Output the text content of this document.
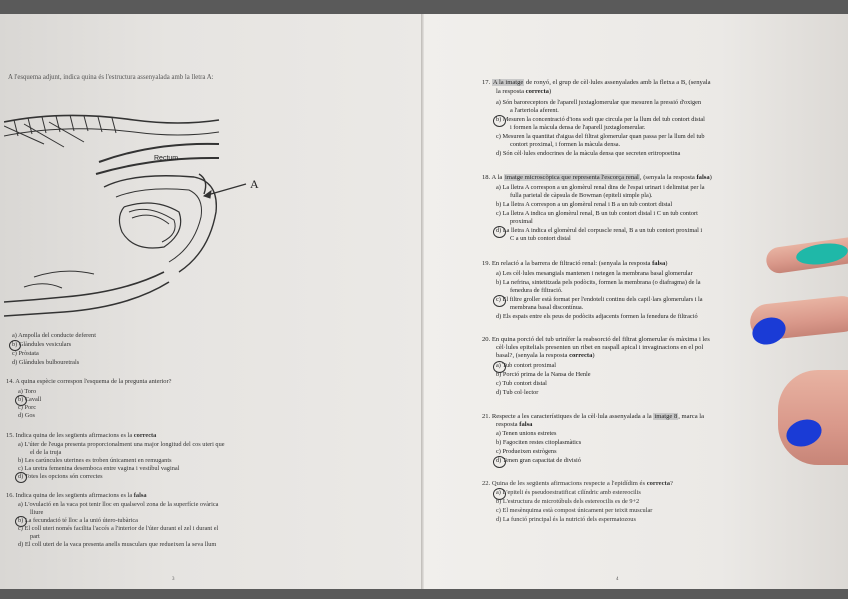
A l'esquema adjunt, indica quina és l'estructura assenyalada amb la lletra A:
Rectum
A
a) Ampolla del conducte deferent
b) Glàndules vesiculars
c) Pròstata
d) Glàndules bulbouretrals
14. A quina espècie correspon l'esquema de la pregunta anterior?
a) Toro
b) Cavall
c) Porc
d) Gos
15. Indica quina de les següents afirmacions es la correcta
a) L'úter de l'euga presenta proporcionalment una major longitud del cos uteri que
el de la truja
b) Les carúncules uterines es troben únicament en remugants
c) La uretra femenina desemboca entre vagina i vestíbul vaginal
d) Totes les opcions són correctes
16. Indica quina de les següents afirmacions es la falsa
a) L'ovulació en la vaca pot tenir lloc en qualsevol zona de la superfície ovàrica
lliure
b) La fecundació té lloc a la unió útero-tubàrica
c) El coll uteri només facilita l'accés a l'interior de l'úter durant el zel i durant el
part
d) El coll uteri de la vaca presenta anells musculars que redueixen la seva llum
3
17. A la imatge de ronyó, el grup de cèl·lules assenyalades amb la fletxa a B, (senyala
la resposta correcta)
a) Són baroreceptors de l'aparell juxtaglomerular que mesuren la pressió d'oxigen
a l'arteriola aferent.
b) Mesuren la concentració d'ions sodi que circula per la llum del tub contort distal
i formen la màcula densa de l'aparell juxtaglomerular.
c) Mesuren la quantitat d'aigua del filtrat glomerular quan passa per la llum del tub
contort proximal, i formen la màcula densa.
d) Són cèl·lules endocrines de la màcula densa que secreten eritropoetina
18. A la imatge microscòpica que representa l'escorça renal, (senyala la resposta falsa)
a) La lletra A correspon a un glomèrul renal dins de l'espai urinari i delimitat per la
fulla parietal de càpsula de Bowman (epiteli simple pla).
b) La lletra A correspon a un glomèrul renal i B a un tub contort distal
c) La lletra A indica un glomèrul renal, B un tub contort distal i C un tub contort
proximal
d) La lletra A indica el glomèrul del corpuscle renal, B a un tub contort proximal i
C a un tub contort distal
19. En relació a la barrera de filtració renal: (senyala la resposta falsa)
a) Les cèl·lules mesangials mantenen i netegen la membrana basal glomerular
b) La nefrina, sintetitzada pels podòcits, formen la membrana (o diafragma) de la
fenedura de filtració.
c) El filtre groller està format per l'endoteli continu dels capil·lars glomerulars i la
membrana basal discontínua.
d) Els espais entre els peus de podòcits adjacents formen la fenedura de filtració
20. En quina porció del tub urinífer la reabsorció del filtrat glomerular és màxima i les
cèl·lules epitelials presenten un ribet en raspall apical i invaginacions en el pol
basal?, (senyala la resposta correcta)
a) Tub contort proximal
b) Porció prima de la Nansa de Henle
c) Tub contort distal
d) Tub col·lector
21. Respecte a les característiques de la cèl·lula assenyalada a la imatge 8, marca la
resposta falsa
a) Tenen unions estretes
b) Fagociten restes citoplasmàtics
c) Produeixen estrògens
d) Tenen gran capacitat de divisió
22. Quina de les següents afirmacions respecte a l'epidídim és correcta?
a) L'epiteli és pseudoestratificat cilíndric amb estereocilis
b) L'estructura de microtúbuls dels estereocilis es de 9+2
c) El mesènquima està compost únicament per teixit muscular
d) La funció principal és la nutrició dels espermatozous
4
